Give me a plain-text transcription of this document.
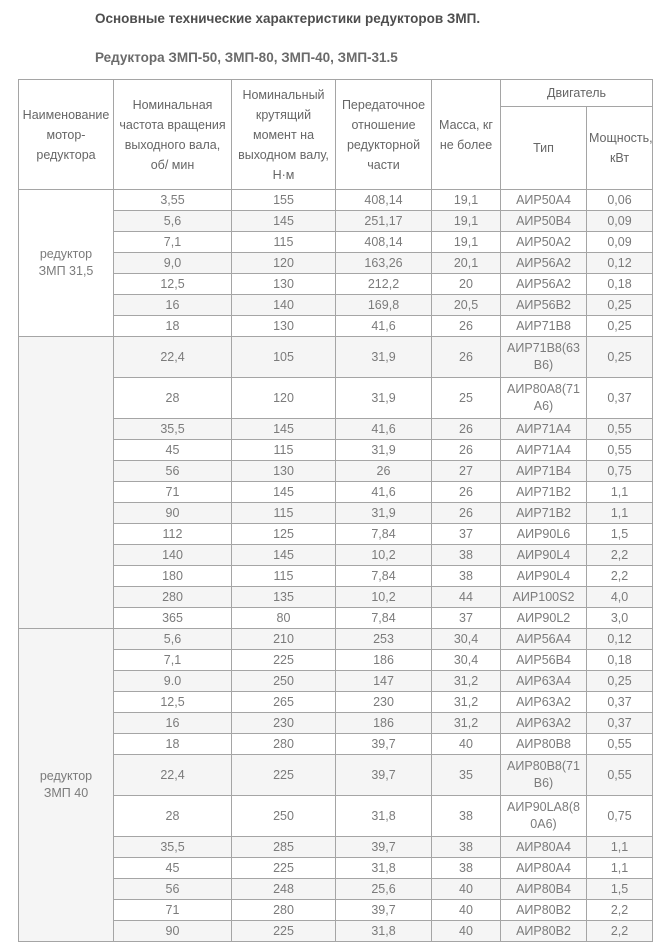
Основные технические характеристики редукторов ЗМП.

Редуктора ЗМП-50, ЗМП-80, ЗМП-40, ЗМП-31.5

Наименование мотор-редуктора	Номинальная частота вращения выходного вала, об/ мин	Номинальный крутящий момент на выходном валу, Н·м	Передаточное отношение редукторной части	Масса, кг не более	Двигатель	
					Тип	Мощность, кВт
редуктор ЗМП 31,5	3,55	155	408,14	19,1	АИР50А4	0,06
	5,6	145	251,17	19,1	АИР50В4	0,09
	7,1	115	408,14	19,1	АИР50А2	0,09
	9,0	120	163,26	20,1	АИР56А2	0,12
	12,5	130	212,2	20	АИР56А2	0,18
	16	140	169,8	20,5	АИР56В2	0,25
	18	130	41,6	26	АИР71В8	0,25
	22,4	105	31,9	26	АИР71В8(63В6)	0,25
	28	120	31,9	25	АИР80А8(71А6)	0,37
	35,5	145	41,6	26	АИР71А4	0,55
	45	115	31,9	26	АИР71А4	0,55
	56	130	26	27	АИР71В4	0,75
	71	145	41,6	26	АИР71В2	1,1
	90	115	31,9	26	АИР71В2	1,1
	112	125	7,84	37	АИР90L6	1,5
	140	145	10,2	38	АИР90L4	2,2
	180	115	7,84	38	АИР90L4	2,2
	280	135	10,2	44	АИР100S2	4,0
	365	80	7,84	37	АИР90L2	3,0
редуктор ЗМП 40	5,6	210	253	30,4	АИР56А4	0,12
	7,1	225	186	30,4	АИР56В4	0,18
	9.0	250	147	31,2	АИР63А4	0,25
	12,5	265	230	31,2	АИР63А2	0,37
	16	230	186	31,2	АИР63А2	0,37
	18	280	39,7	40	АИР80В8	0,55
	22,4	225	39,7	35	АИР80В8(71В6)	0,55
	28	250	31,8	38	АИР90LA8(80А6)	0,75
	35,5	285	39,7	38	АИР80А4	1,1
	45	225	31,8	38	АИР80А4	1,1
	56	248	25,6	40	АИР80В4	1,5
	71	280	39,7	40	АИР80В2	2,2
	90	225	31,8	40	АИР80В2	2,2
